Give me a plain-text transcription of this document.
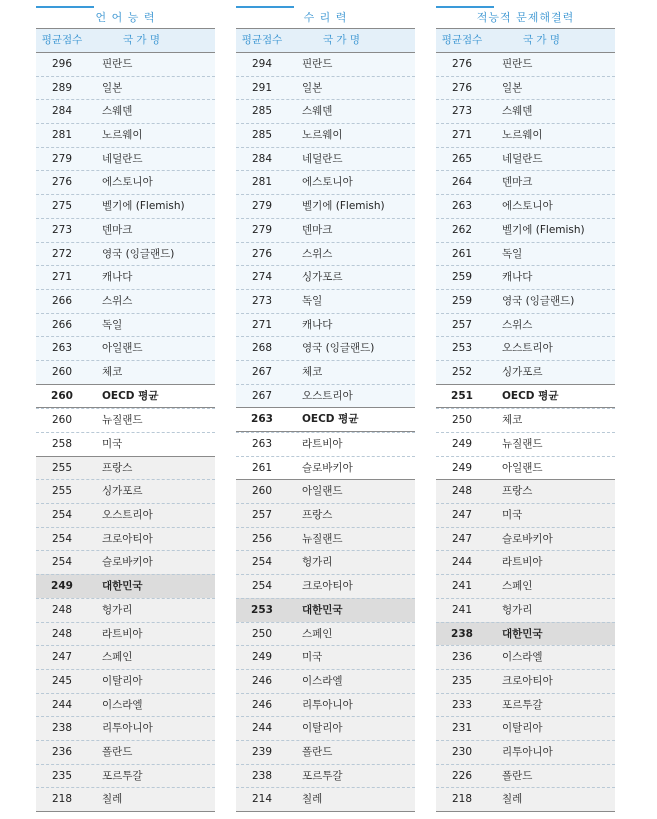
언 어 능 력
평균점수	국 가 명
296	핀란드
289	일본
284	스웨덴
281	노르웨이
279	네덜란드
276	에스토니아
275	벨기에 (Flemish)
273	덴마크
272	영국 (잉글랜드)
271	캐나다
266	스위스
266	독일
263	아일랜드
260	체코
260	OECD 평균
260	뉴질랜드
258	미국
255	프랑스
255	싱가포르
254	오스트리아
254	크로아티아
254	슬로바키아
249	대한민국
248	헝가리
248	라트비아
247	스페인
245	이탈리아
244	이스라엘
238	리투아니아
236	폴란드
235	포르투갈
218	칠레
수 리 력
평균점수	국 가 명
294	핀란드
291	일본
285	스웨덴
285	노르웨이
284	네덜란드
281	에스토니아
279	벨기에 (Flemish)
279	덴마크
276	스위스
274	싱가포르
273	독일
271	캐나다
268	영국 (잉글랜드)
267	체코
267	오스트리아
263	OECD 평균
263	라트비아
261	슬로바키아
260	아일랜드
257	프랑스
256	뉴질랜드
254	헝가리
254	크로아티아
253	대한민국
250	스페인
249	미국
246	이스라엘
246	리투아니아
244	이탈리아
239	폴란드
238	포르투갈
214	칠레
적능적 문제해결력
평균점수	국 가 명
276	핀란드
276	일본
273	스웨덴
271	노르웨이
265	네덜란드
264	덴마크
263	에스토니아
262	벨기에 (Flemish)
261	독일
259	캐나다
259	영국 (잉글랜드)
257	스위스
253	오스트리아
252	싱가포르
251	OECD 평균
250	체코
249	뉴질랜드
249	아일랜드
248	프랑스
247	미국
247	슬로바키아
244	라트비아
241	스페인
241	헝가리
238	대한민국
236	이스라엘
235	크로아티아
233	포르투갈
231	이탈리아
230	리투아니아
226	폴란드
218	칠레
